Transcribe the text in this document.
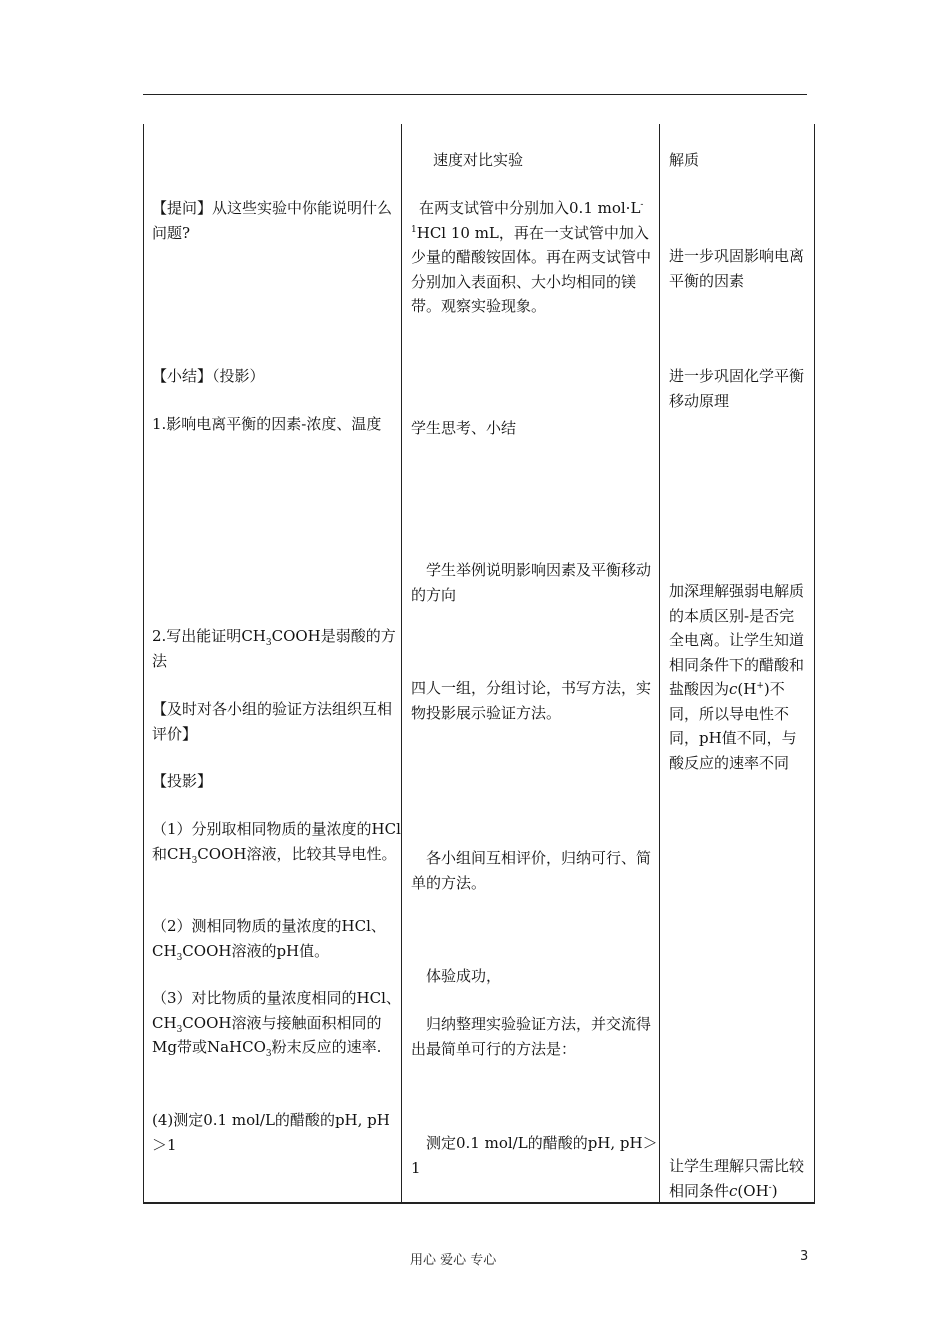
【提问】从这些实验中你能说明什么问题?
【小结】（投影）
1.影响电离平衡的因素-浓度、温度
2.写出能证明$CH_3COOH$是弱酸的方法
【及时对各小组的验证方法组织互相评价】
【投影】
（1）分别取相同物质的量浓度的HCl和$CH_3COOH$溶液，比较其导电性。
（2）测相同物质的量浓度的HCl、$CH_3COOH$溶液的pH值。
（3）对比物质的量浓度相同的HCl、$CH_3COOH$溶液与接触面积相同的Mg带或NaHCO$_3$粉末反应的速率.
(4)测定0.1 mol/L的醋酸的pH, pH＞1
速度对比实验
在两支试管中分别加入0.1 $mol\cdot L^{-1}HCl$ 10 mL，再在一支试管中加入少量的醋酸铵固体。再在两支试管中分别加入表面积、大小均相同的镁带。观察实验现象。
学生思考、小结
学生举例说明影响因素及平衡移动的方向
四人一组，分组讨论，书写方法，实物投影展示验证方法。
各小组间互相评价，归纳可行、简单的方法。
体验成功，
归纳整理实验验证方法，并交流得出最简单可行的方法是：
测定0.1 mol/L的醋酸的pH, pH＞1
解质
进一步巩固影响电离平衡的因素
进一步巩固化学平衡移动原理
加深理解强弱电解质的本质区别-是否完全电离。让学生知道相同条件下的醋酸和盐酸因为c(H+)不同，所以导电性不同，pH值不同，与酸反应的速率不同
让学生理解只需比较相同条件c(OH-)
用心 爱心 专心	3
